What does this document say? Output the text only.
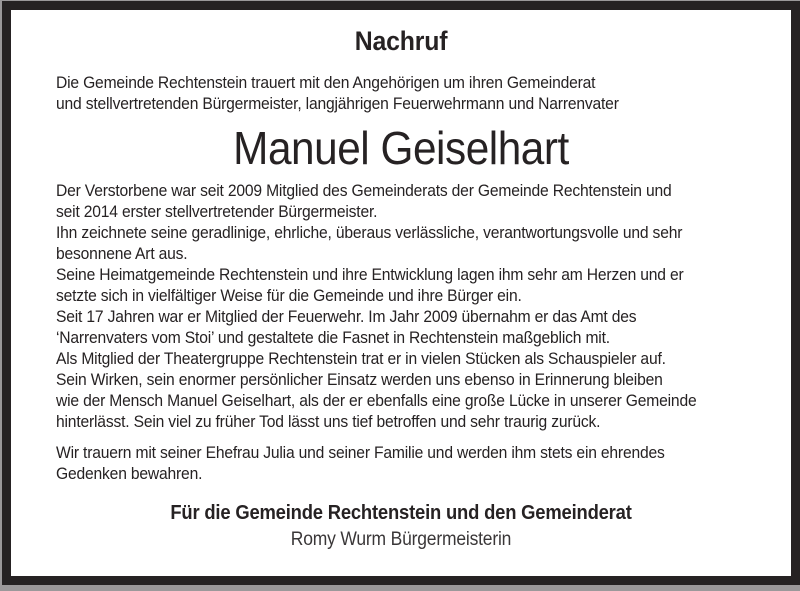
Nachruf
Die Gemeinde Rechtenstein trauert mit den Angehörigen um ihren Gemeinderat
und stellvertretenden Bürgermeister, langjährigen Feuerwehrmann und Narrenvater
Manuel Geiselhart
Der Verstorbene war seit 2009 Mitglied des Gemeinderats der Gemeinde Rechtenstein und
seit 2014 erster stellvertretender Bürgermeister.
Ihn zeichnete seine geradlinige, ehrliche, überaus verlässliche, verantwortungsvolle und sehr
besonnene Art aus.
Seine Heimatgemeinde Rechtenstein und ihre Entwicklung lagen ihm sehr am Herzen und er
setzte sich in vielfältiger Weise für die Gemeinde und ihre Bürger ein.
Seit 17 Jahren war er Mitglied der Feuerwehr. Im Jahr 2009 übernahm er das Amt des
‘Narrenvaters vom Stoi’ und gestaltete die Fasnet in Rechtenstein maßgeblich mit.
Als Mitglied der Theatergruppe Rechtenstein trat er in vielen Stücken als Schauspieler auf.
Sein Wirken, sein enormer persönlicher Einsatz werden uns ebenso in Erinnerung bleiben
wie der Mensch Manuel Geiselhart, als der er ebenfalls eine große Lücke in unserer Gemeinde
hinterlässt. Sein viel zu früher Tod lässt uns tief betroffen und sehr traurig zurück.
Wir trauern mit seiner Ehefrau Julia und seiner Familie und werden ihm stets ein ehrendes
Gedenken bewahren.
Für die Gemeinde Rechtenstein und den Gemeinderat
Romy Wurm Bürgermeisterin
